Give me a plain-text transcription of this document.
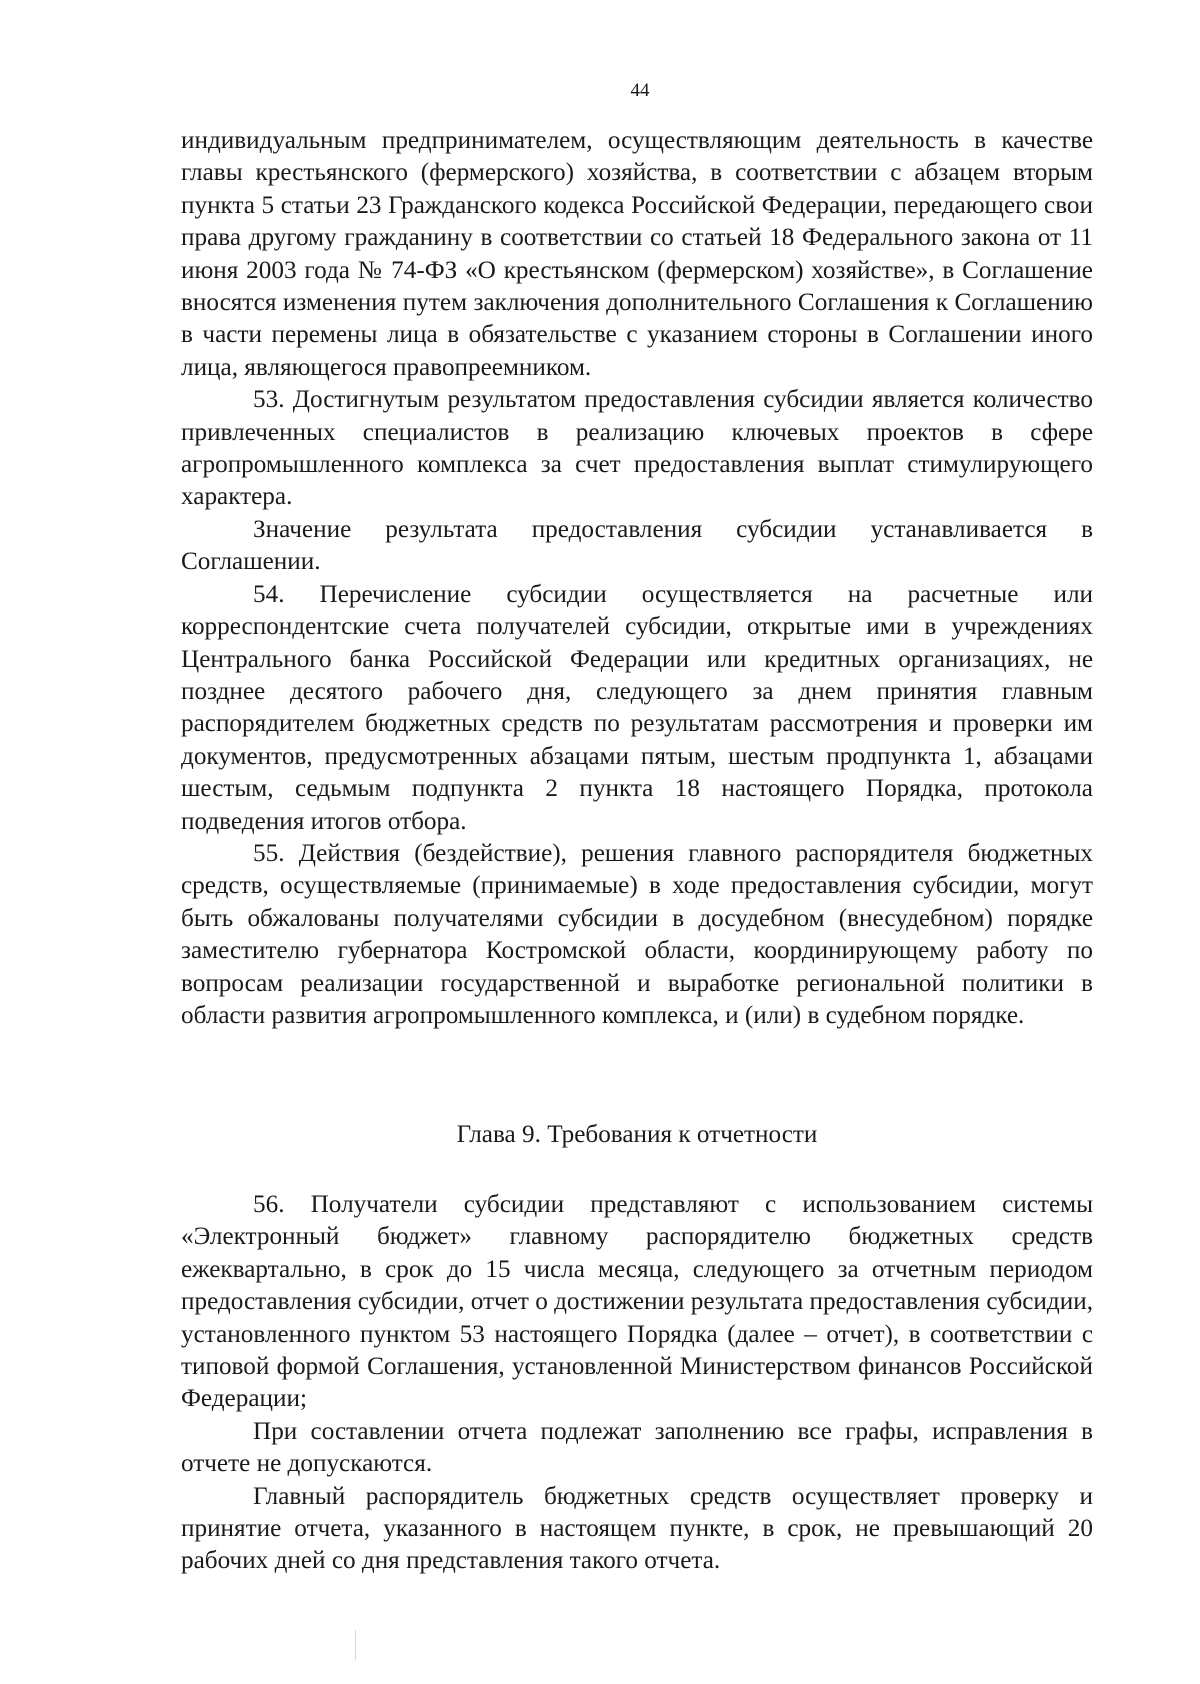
44

индивидуальным предпринимателем, осуществляющим деятельность в качестве главы крестьянского (фермерского) хозяйства, в соответствии с абзацем вторым пункта 5 статьи 23 Гражданского кодекса Российской Федерации, передающего свои права другому гражданину в соответствии со статьей 18 Федерального закона от 11 июня 2003 года № 74-ФЗ «О крестьянском (фермерском) хозяйстве», в Соглашение вносятся изменения путем заключения дополнительного Соглашения к Соглашению в части перемены лица в обязательстве с указанием стороны в Соглашении иного лица, являющегося правопреемником.

53. Достигнутым результатом предоставления субсидии является количество привлеченных специалистов в реализацию ключевых проектов в сфере агропромышленного комплекса за счет предоставления выплат стимулирующего характера.

Значение результата предоставления субсидии устанавливается в Соглашении.

54. Перечисление субсидии осуществляется на расчетные или корреспондентские счета получателей субсидии, открытые ими в учреждениях Центрального банка Российской Федерации или кредитных организациях, не позднее десятого рабочего дня, следующего за днем принятия главным распорядителем бюджетных средств по результатам рассмотрения и проверки им документов, предусмотренных абзацами пятым, шестым продпункта 1, абзацами шестым, седьмым подпункта 2 пункта 18 настоящего Порядка, протокола подведения итогов отбора.

55. Действия (бездействие), решения главного распорядителя бюджетных средств, осуществляемые (принимаемые) в ходе предоставления субсидии, могут быть обжалованы получателями субсидии в досудебном (внесудебном) порядке заместителю губернатора Костромской области, координирующему работу по вопросам реализации государственной и выработке региональной политики в области развития агропромышленного комплекса, и (или) в судебном порядке.

Глава 9. Требования к отчетности

56. Получатели субсидии представляют с использованием системы «Электронный бюджет» главному распорядителю бюджетных средств ежеквартально, в срок до 15 числа месяца, следующего за отчетным периодом предоставления субсидии, отчет о достижении результата предоставления субсидии, установленного пунктом 53 настоящего Порядка (далее – отчет), в соответствии с типовой формой Соглашения, установленной Министерством финансов Российской Федерации;

При составлении отчета подлежат заполнению все графы, исправления в отчете не допускаются.

Главный распорядитель бюджетных средств осуществляет проверку и принятие отчета, указанного в настоящем пункте, в срок, не превышающий 20 рабочих дней со дня представления такого отчета.
